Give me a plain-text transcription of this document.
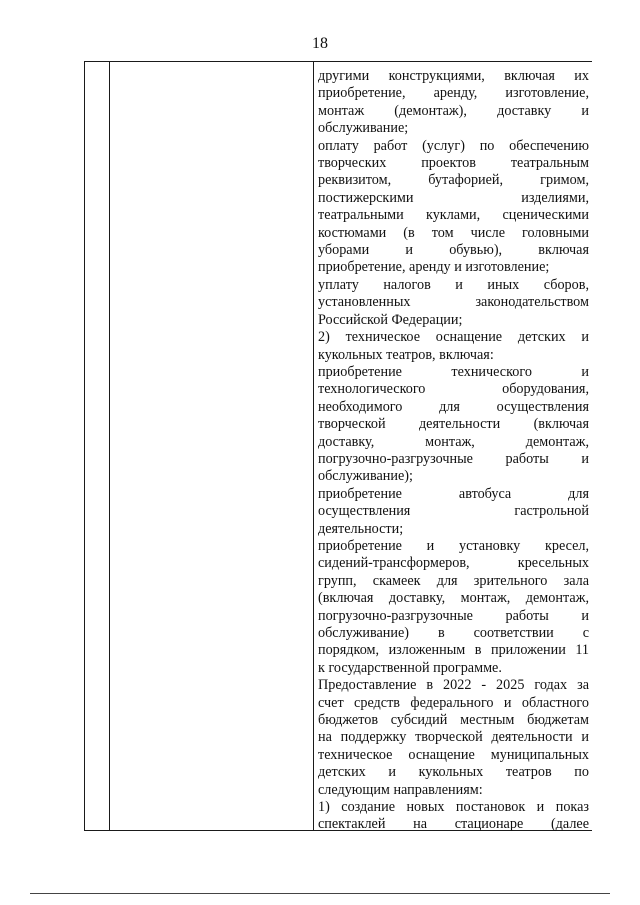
18
другими конструкциями, включая их
приобретение, аренду, изготовление,
монтаж (демонтаж), доставку и
обслуживание;
оплату работ (услуг) по обеспечению
творческих проектов театральным
реквизитом, бутафорией, гримом,
постижерскими изделиями,
театральными куклами, сценическими
костюмами (в том числе головными
уборами и обувью), включая
приобретение, аренду и изготовление;
уплату налогов и иных сборов,
установленных законодательством
Российской Федерации;
2) техническое оснащение детских и
кукольных театров, включая:
приобретение технического и
технологического оборудования,
необходимого для осуществления
творческой деятельности (включая
доставку, монтаж, демонтаж,
погрузочно-разгрузочные работы и
обслуживание);
приобретение автобуса для
осуществления гастрольной
деятельности;
приобретение и установку кресел,
сидений-трансформеров, кресельных
групп, скамеек для зрительного зала
(включая доставку, монтаж, демонтаж,
погрузочно-разгрузочные работы и
обслуживание) в соответствии с
порядком, изложенным в приложении 11
к государственной программе.
Предоставление в 2022 - 2025 годах за
счет средств федерального и областного
бюджетов субсидий местным бюджетам
на поддержку творческой деятельности и
техническое оснащение муниципальных
детских и кукольных театров по
следующим направлениям:
1) создание новых постановок и показ
спектаклей на стационаре (далее
